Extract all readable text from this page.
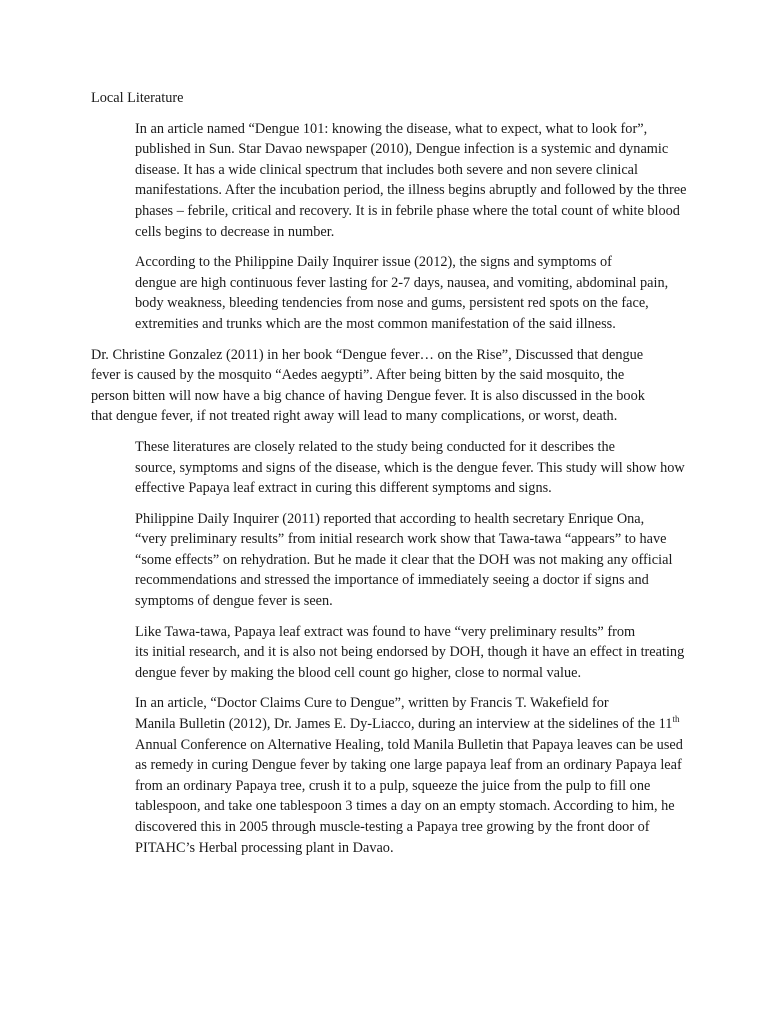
Local Literature

In an article named “Dengue 101: knowing the disease, what to expect, what to look for”,
published in Sun. Star Davao newspaper (2010), Dengue infection is a systemic and dynamic
disease. It has a wide clinical spectrum that includes both severe and non severe clinical
manifestations. After the incubation period, the illness begins abruptly and followed by the three
phases – febrile, critical and recovery. It is in febrile phase where the total count of white blood
cells begins to decrease in number.

According to the Philippine Daily Inquirer issue (2012), the signs and symptoms of
dengue are high continuous fever lasting for 2-7 days, nausea, and vomiting, abdominal pain,
body weakness, bleeding tendencies from nose and gums, persistent red spots on the face,
extremities and trunks which are the most common manifestation of the said illness.

Dr. Christine Gonzalez (2011) in her book “Dengue fever… on the Rise”, Discussed that dengue
fever is caused by the mosquito “Aedes aegypti”. After being bitten by the said mosquito, the
person bitten will now have a big chance of having Dengue fever. It is also discussed in the book
that dengue fever, if not treated right away will lead to many complications, or worst, death.

These literatures are closely related to the study being conducted for it describes the
source, symptoms and signs of the disease, which is the dengue fever. This study will show how
effective Papaya leaf extract in curing this different symptoms and signs.

Philippine Daily Inquirer (2011) reported that according to health secretary Enrique Ona,
“very preliminary results” from initial research work show that Tawa-tawa “appears” to have
“some effects” on rehydration. But he made it clear that the DOH was not making any official
recommendations and stressed the importance of immediately seeing a doctor if signs and
symptoms of dengue fever is seen.

Like Tawa-tawa, Papaya leaf extract was found to have “very preliminary results” from
its initial research, and it is also not being endorsed by DOH, though it have an effect in treating
dengue fever by making the blood cell count go higher, close to normal value.

In an article, “Doctor Claims Cure to Dengue”, written by Francis T. Wakefield for
Manila Bulletin (2012), Dr. James E. Dy-Liacco, during an interview at the sidelines of the 11th
Annual Conference on Alternative Healing, told Manila Bulletin that Papaya leaves can be used
as remedy in curing Dengue fever by taking one large papaya leaf from an ordinary Papaya leaf
from an ordinary Papaya tree, crush it to a pulp, squeeze the juice from the pulp to fill one
tablespoon, and take one tablespoon 3 times a day on an empty stomach. According to him, he
discovered this in 2005 through muscle-testing a Papaya tree growing by the front door of
PITAHC’s Herbal processing plant in Davao.
